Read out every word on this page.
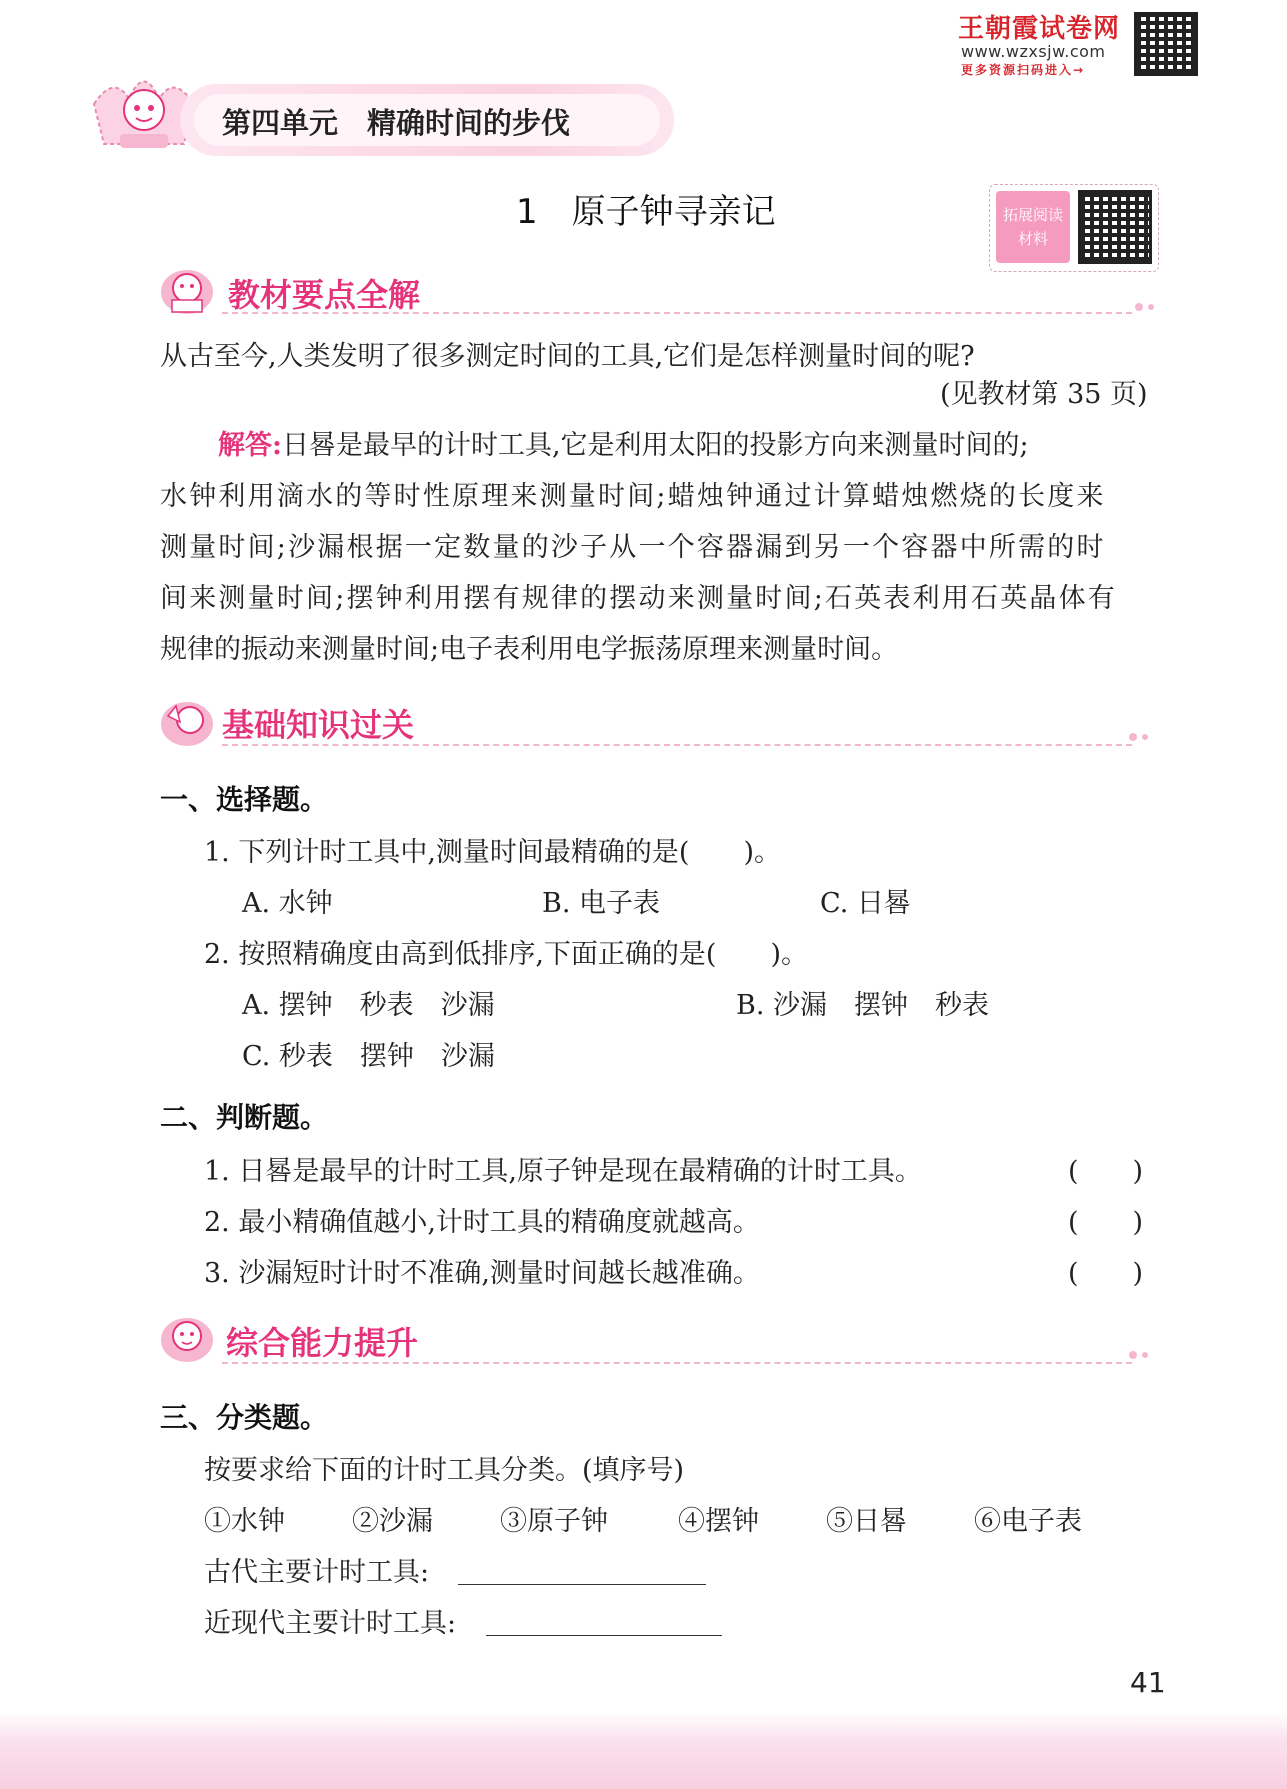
王朝霞试卷网
www.wzxsjw.com
更多资源扫码进入→
第四单元　精确时间的步伐
1　原子钟寻亲记	拓展阅读
材料
教材要点全解
从古至今,人类发明了很多测定时间的工具,它们是怎样测量时间的呢?
(见教材第 35 页)
解答:日晷是最早的计时工具,它是利用太阳的投影方向来测量时间的;
水钟利用滴水的等时性原理来测量时间;蜡烛钟通过计算蜡烛燃烧的长度来
测量时间;沙漏根据一定数量的沙子从一个容器漏到另一个容器中所需的时
间来测量时间;摆钟利用摆有规律的摆动来测量时间;石英表利用石英晶体有
规律的振动来测量时间;电子表利用电学振荡原理来测量时间。
基础知识过关
一、选择题。
1. 下列计时工具中,测量时间最精确的是(　　)。
A. 水钟	B. 电子表	C. 日晷
2. 按照精确度由高到低排序,下面正确的是(　　)。
A. 摆钟　秒表　沙漏	B. 沙漏　摆钟　秒表
C. 秒表　摆钟　沙漏
二、判断题。
1. 日晷是最早的计时工具,原子钟是现在最精确的计时工具。	(　　)
2. 最小精确值越小,计时工具的精确度就越高。	(　　)
3. 沙漏短时计时不准确,测量时间越长越准确。	(　　)
综合能力提升
三、分类题。
按要求给下面的计时工具分类。(填序号)
①水钟 ②沙漏 ③原子钟	④摆钟 ⑤日晷 ⑥电子表
古代主要计时工具:
近现代主要计时工具:
41
